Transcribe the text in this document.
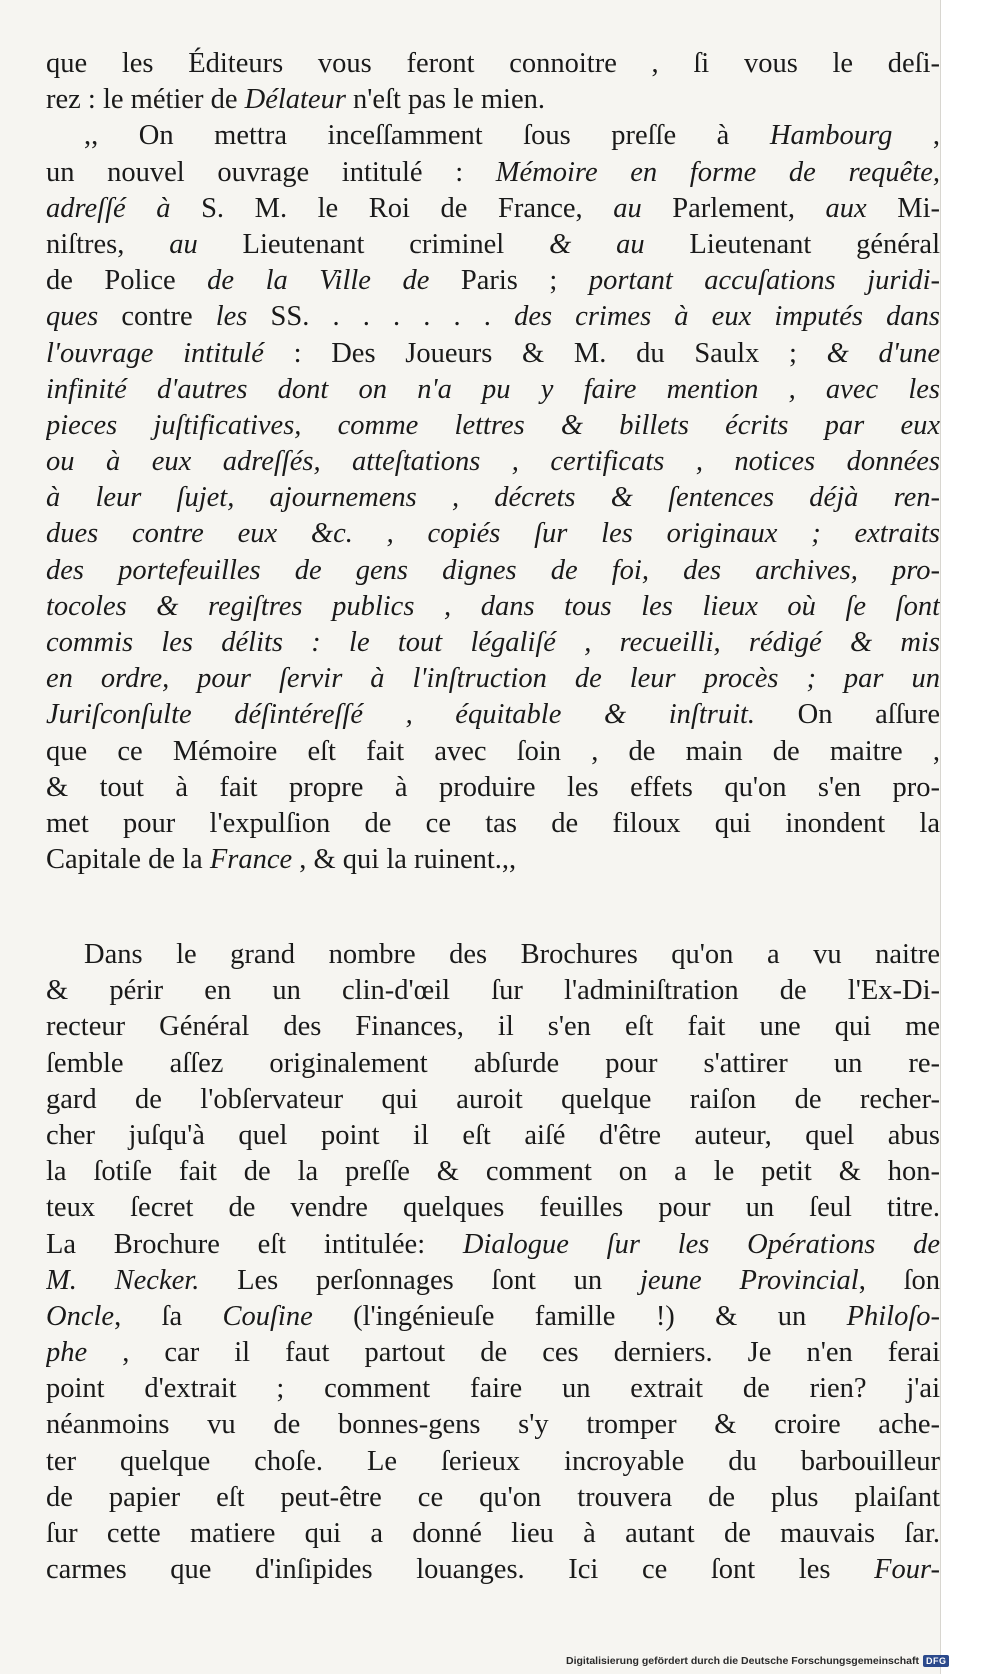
que les Éditeurs vous feront connoitre , ſi vous le deſi-
rez : le métier de Délateur n'eſt pas le mien.
,, On mettra inceſſamment ſous preſſe à Hambourg ,
un nouvel ouvrage intitulé : Mémoire en forme de requête,
adreſſé à S. M. le Roi de France, au Parlement, aux Mi-
niſtres, au Lieutenant criminel & au Lieutenant général
de Police de la Ville de Paris ; portant accuſations juridi-
ques contre les SS. . . . . . . des crimes à eux imputés dans
l'ouvrage intitulé : Des Joueurs & M. du Saulx ; & d'une
infinité d'autres dont on n'a pu y faire mention , avec les
pieces juſtificatives, comme lettres & billets écrits par eux
ou à eux adreſſés, atteſtations , certificats , notices données
à leur ſujet, ajournemens , décrets & ſentences déjà ren-
dues contre eux &c. , copiés ſur les originaux ; extraits
des portefeuilles de gens dignes de foi, des archives, pro-
tocoles & regiſtres publics , dans tous les lieux où ſe ſont
commis les délits : le tout légaliſé , recueilli, rédigé & mis
en ordre, pour ſervir à l'inſtruction de leur procès ; par un
Juriſconſulte déſintéreſſé , équitable & inſtruit. On aſſure
que ce Mémoire eſt fait avec ſoin , de main de maitre ,
& tout à fait propre à produire les effets qu'on s'en pro-
met pour l'expulſion de ce tas de filoux qui inondent la
Capitale de la France , & qui la ruinent.,,
Dans le grand nombre des Brochures qu'on a vu naitre
& périr en un clin-d'œil ſur l'adminiſtration de l'Ex-Di-
recteur Général des Finances, il s'en eſt fait une qui me
ſemble aſſez originalement abſurde pour s'attirer un re-
gard de l'obſervateur qui auroit quelque raiſon de recher-
cher juſqu'à quel point il eſt aiſé d'être auteur, quel abus
la ſotiſe fait de la preſſe & comment on a le petit & hon-
teux ſecret de vendre quelques feuilles pour un ſeul titre.
La Brochure eſt intitulée: Dialogue ſur les Opérations de
M. Necker. Les perſonnages ſont un jeune Provincial, ſon
Oncle, ſa Couſine (l'ingénieuſe famille !) & un Philoſo-
phe , car il faut partout de ces derniers. Je n'en ferai
point d'extrait ; comment faire un extrait de rien? j'ai
néanmoins vu de bonnes-gens s'y tromper & croire ache-
ter quelque choſe. Le ſerieux incroyable du barbouilleur
de papier eſt peut-être ce qu'on trouvera de plus plaiſant
ſur cette matiere qui a donné lieu à autant de mauvais ſar.
carmes que d'inſipides louanges. Ici ce ſont les Four-
Digitalisierung gefördert durch die Deutsche Forschungsgemeinschaft DFG
